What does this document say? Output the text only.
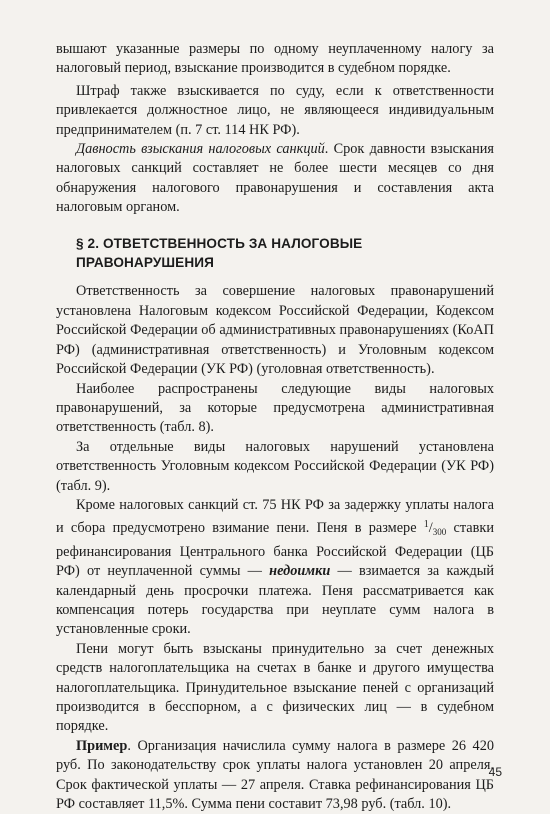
вышают указанные размеры по одному неуплаченному налогу за налоговый период, взыскание производится в судебном порядке.

Штраф также взыскивается по суду, если к ответственности привлекается должностное лицо, не являющееся индивидуальным предпринимателем (п. 7 ст. 114 НК РФ).

Давность взыскания налоговых санкций. Срок давности взыскания налоговых санкций составляет не более шести месяцев со дня обнаружения налогового правонарушения и составления акта налоговым органом.

§ 2. ОТВЕТСТВЕННОСТЬ ЗА НАЛОГОВЫЕ ПРАВОНАРУШЕНИЯ

Ответственность за совершение налоговых правонарушений установлена Налоговым кодексом Российской Федерации, Кодексом Российской Федерации об административных правонарушениях (КоАП РФ) (административная ответственность) и Уголовным кодексом Российской Федерации (УК РФ) (уголовная ответственность).

Наиболее распространены следующие виды налоговых правонарушений, за которые предусмотрена административная ответственность (табл. 8).

За отдельные виды налоговых нарушений установлена ответственность Уголовным кодексом Российской Федерации (УК РФ) (табл. 9).

Кроме налоговых санкций ст. 75 НК РФ за задержку уплаты налога и сбора предусмотрено взимание пени. Пеня в размере $^1/_{300}$ ставки рефинансирования Центрального банка Российской Федерации (ЦБ РФ) от неуплаченной суммы — недоимки — взимается за каждый календарный день просрочки платежа. Пеня рассматривается как компенсация потерь государства при неуплате сумм налога в установленные сроки.

Пени могут быть взысканы принудительно за счет денежных средств налогоплательщика на счетах в банке и другого имущества налогоплательщика. Принудительное взыскание пеней с организаций производится в бесспорном, а с физических лиц — в судебном порядке.

Пример. Организация начислила сумму налога в размере 26 420 руб. По законодательству срок уплаты налога установлен 20 апреля. Срок фактической уплаты — 27 апреля. Ставка рефинансирования ЦБ РФ составляет 11,5%. Сумма пени составит 73,98 руб. (табл. 10).

45
